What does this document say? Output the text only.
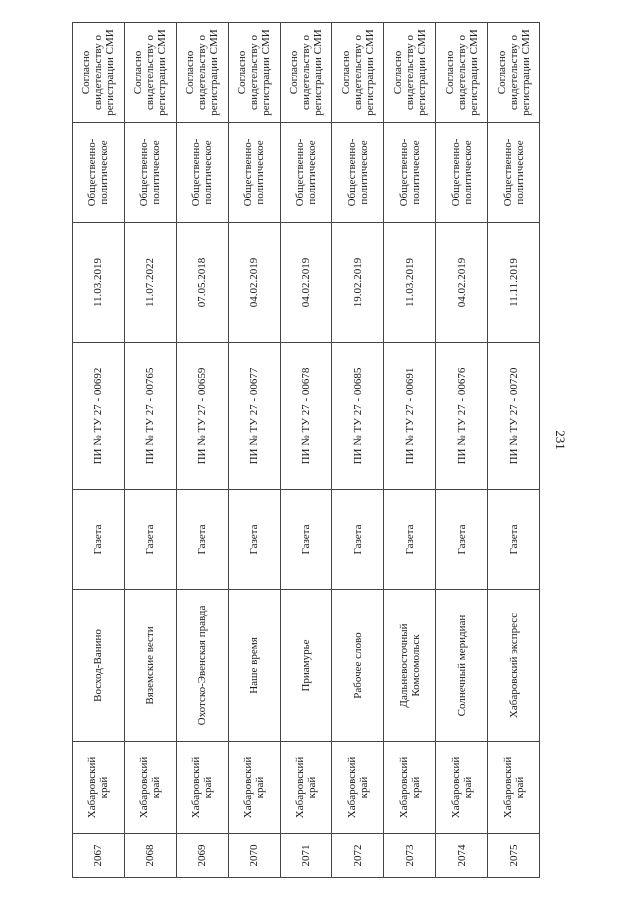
231
2067	Хабаровский край	Восход-Ванино	Газета	ПИ № ТУ 27 - 00692	11.03.2019	Общественно-политическое	Согласно свидетельству о регистрации СМИ
2068	Хабаровский край	Вяземские вести	Газета	ПИ № ТУ 27 - 00765	11.07.2022	Общественно-политическое	Согласно свидетельству о регистрации СМИ
2069	Хабаровский край	Охотско-Эвенская правда	Газета	ПИ № ТУ 27 - 00659	07.05.2018	Общественно-политическое	Согласно свидетельству о регистрации СМИ
2070	Хабаровский край	Наше время	Газета	ПИ № ТУ 27 - 00677	04.02.2019	Общественно-политическое	Согласно свидетельству о регистрации СМИ
2071	Хабаровский край	Приамурье	Газета	ПИ № ТУ 27 - 00678	04.02.2019	Общественно-политическое	Согласно свидетельству о регистрации СМИ
2072	Хабаровский край	Рабочее слово	Газета	ПИ № ТУ 27 - 00685	19.02.2019	Общественно-политическое	Согласно свидетельству о регистрации СМИ
2073	Хабаровский край	Дальневосточный Комсомольск	Газета	ПИ № ТУ 27 - 00691	11.03.2019	Общественно-политическое	Согласно свидетельству о регистрации СМИ
2074	Хабаровский край	Солнечный меридиан	Газета	ПИ № ТУ 27 - 00676	04.02.2019	Общественно-политическое	Согласно свидетельству о регистрации СМИ
2075	Хабаровский край	Хабаровский экспресс	Газета	ПИ № ТУ 27 - 00720	11.11.2019	Общественно-политическое	Согласно свидетельству о регистрации СМИ
